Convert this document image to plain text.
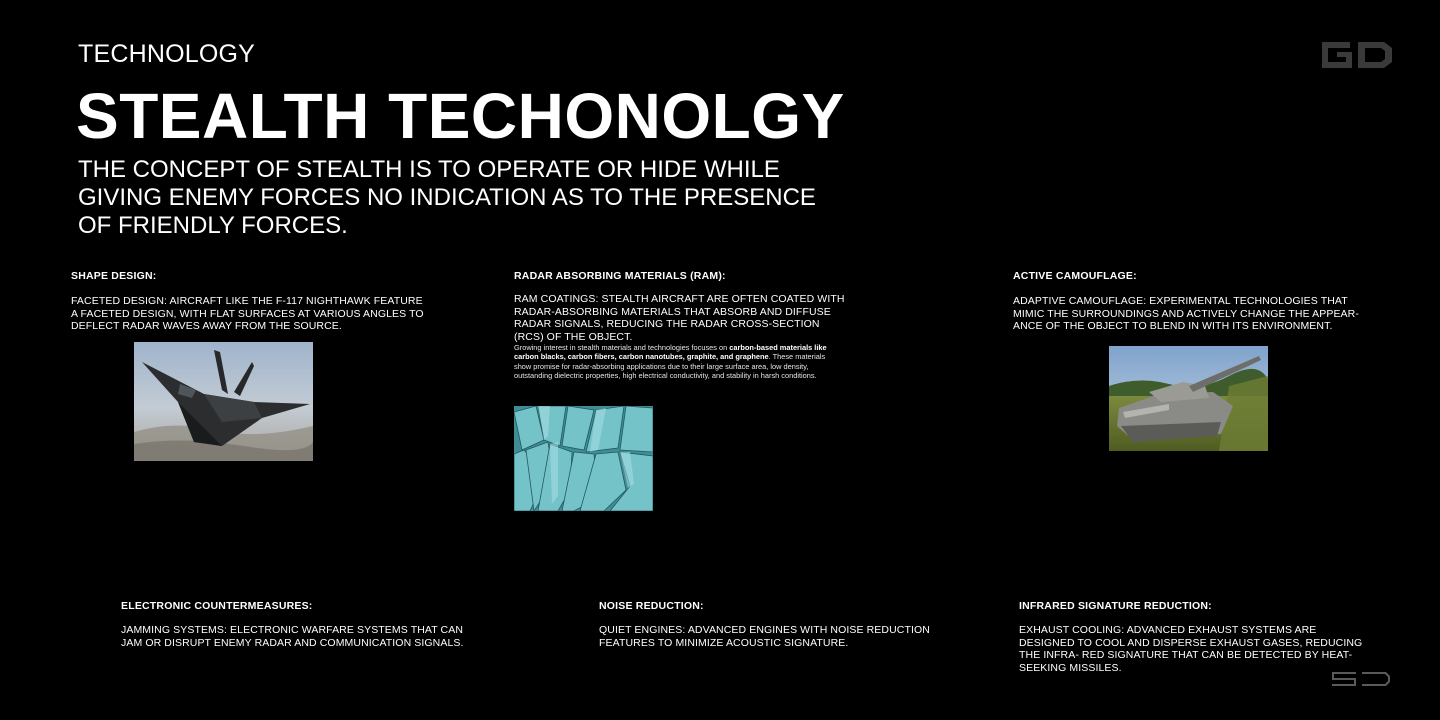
TECHNOLOGY
STEALTH TECHONOLGY
THE CONCEPT OF STEALTH IS TO OPERATE OR HIDE WHILE GIVING ENEMY FORCES NO INDICATION AS TO THE PRESENCE OF FRIENDLY FORCES.
SHAPE DESIGN:
FACETED DESIGN: AIRCRAFT LIKE THE F-117 NIGHTHAWK FEATURE A FACETED DESIGN, WITH FLAT SURFACES AT VARIOUS ANGLES TO DEFLECT RADAR WAVES AWAY FROM THE SOURCE.
RADAR ABSORBING MATERIALS (RAM):
RAM COATINGS: STEALTH AIRCRAFT ARE OFTEN COATED WITH RADAR-ABSORBING MATERIALS THAT ABSORB AND DIFFUSE RADAR SIGNALS, REDUCING THE RADAR CROSS-SECTION (RCS) OF THE OBJECT.
Growing interest in stealth materials and technologies focuses on carbon-based materials like carbon blacks, carbon fibers, carbon nanotubes, graphite, and graphene. These materials show promise for radar-absorbing applications due to their large surface area, low density, outstanding dielectric properties, high electrical conductivity, and stability in harsh conditions.
ACTIVE CAMOUFLAGE:
ADAPTIVE CAMOUFLAGE: EXPERIMENTAL TECHNOLOGIES THAT MIMIC THE SURROUNDINGS AND ACTIVELY CHANGE THE APPEAR- ANCE OF THE OBJECT TO BLEND IN WITH ITS ENVIRONMENT.
ELECTRONIC COUNTERMEASURES:
JAMMING SYSTEMS: ELECTRONIC WARFARE SYSTEMS THAT CAN JAM OR DISRUPT ENEMY RADAR AND COMMUNICATION SIGNALS.
NOISE REDUCTION:
QUIET ENGINES: ADVANCED ENGINES WITH NOISE REDUCTION FEATURES TO MINIMIZE ACOUSTIC SIGNATURE.
INFRARED SIGNATURE REDUCTION:
EXHAUST COOLING: ADVANCED EXHAUST SYSTEMS ARE DESIGNED TO COOL AND DISPERSE EXHAUST GASES, REDUCING THE INFRA- RED SIGNATURE THAT CAN BE DETECTED BY HEAT-SEEKING MISSILES.
